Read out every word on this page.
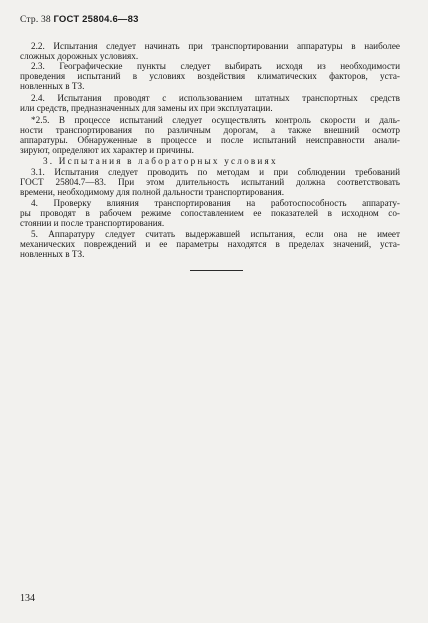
Стр. 38 ГОСТ 25804.6—83
2.2. Испытания следует начинать при транспортировании аппаратуры в наиболее
сложных дорожных условиях.
2.3. Географические пункты следует выбирать исходя из необходимости
проведения испытаний в условиях воздействия климатических факторов, уста-
новленных в ТЗ.
2.4. Испытания проводят с использованием штатных транспортных средств
или средств, предназначенных для замены их при эксплуатации.
*2.5. В процессе испытаний следует осуществлять контроль скорости и даль-
ности транспортирования по различным дорогам, а также внешний осмотр
аппаратуры. Обнаруженные в процессе и после испытаний неисправности анали-
зируют, определяют их характер и причины.
3. Испытания в лабораторных условиях
3.1. Испытания следует проводить по методам и при соблюдении требований
ГОСТ 25804.7—83. При этом длительность испытаний должна соответствовать
времени, необходимому для полной дальности транспортирования.
4. Проверку влияния транспортирования на работоспособность аппарату-
ры проводят в рабочем режиме сопоставлением ее показателей в исходном со-
стоянии и после транспортирования.
5. Аппаратуру следует считать выдержавшей испытания, если она не имеет
механических повреждений и ее параметры находятся в пределах значений, уста-
новленных в ТЗ.
134
